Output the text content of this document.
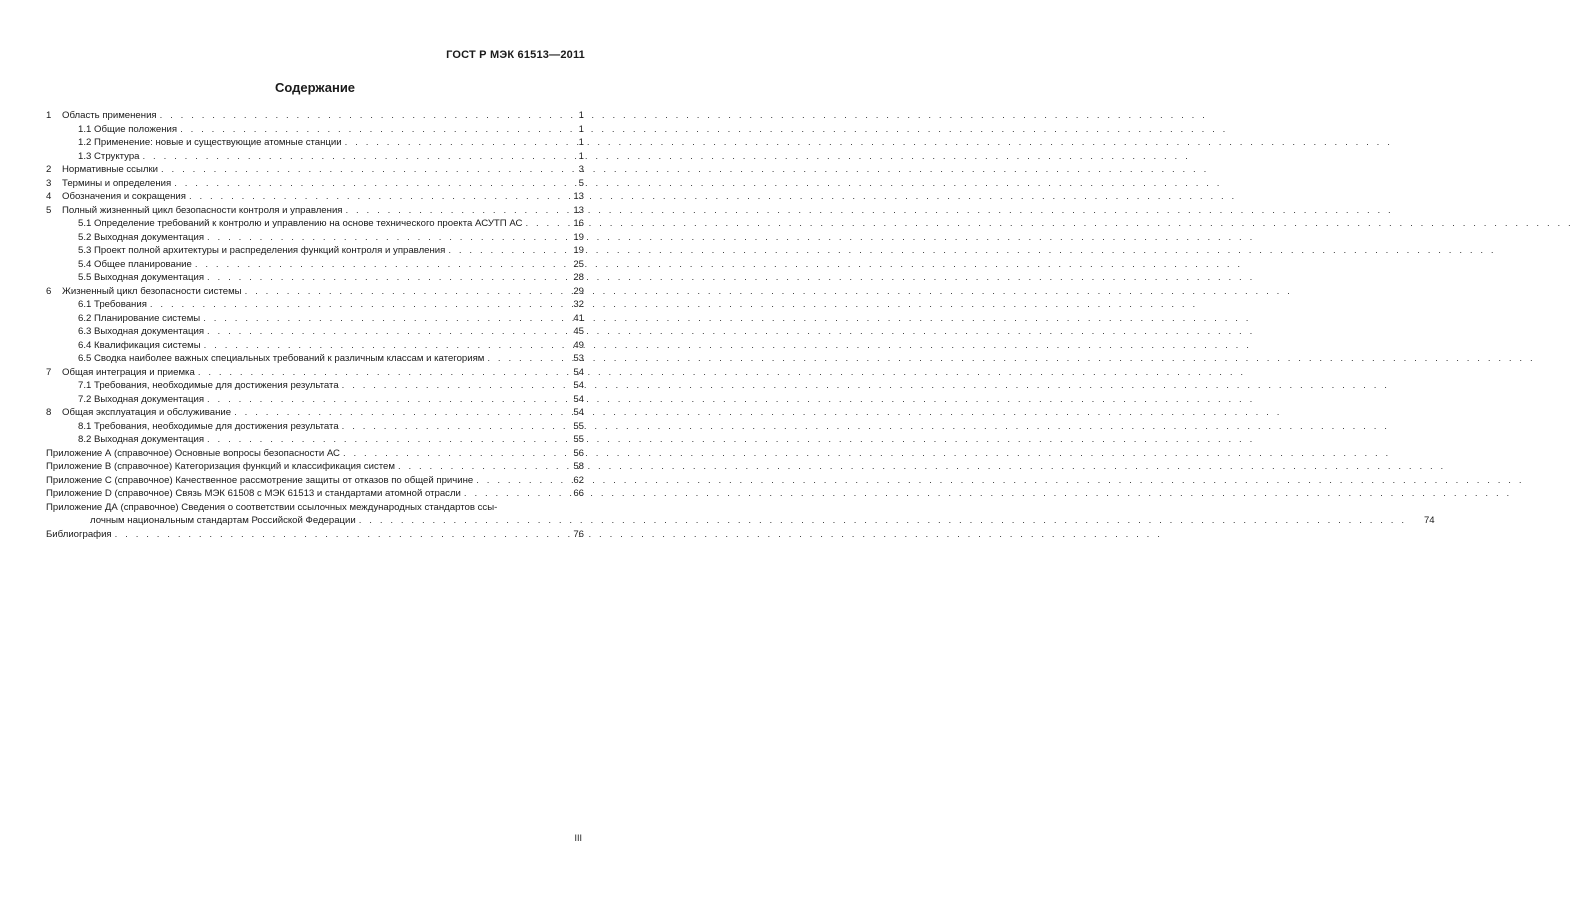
ГОСТ Р МЭК 61513—2011
Содержание
1	Область применения . . .	1
1.1 Общие положения . . .	1
1.2 Применение: новые и существующие атомные станции . . .	1
1.3 Структура . . .	1
2	Нормативные ссылки . . .	3
3	Термины и определения . . .	5
4	Обозначения и сокращения . . .	13
5	Полный жизненный цикл безопасности контроля и управления . . .	13
5.1 Определение требований к контролю и управлению на основе технического проекта АСУТП АС . . .	16
5.2 Выходная документация . . .	19
5.3 Проект полной архитектуры и распределения функций контроля и управления . . .	19
5.4 Общее планирование . . .	25
5.5 Выходная документация . . .	28
6	Жизненный цикл безопасности системы . . .	29
6.1 Требования . . .	32
6.2 Планирование системы . . .	41
6.3 Выходная документация . . .	45
6.4 Квалификация системы . . .	49
6.5 Сводка наиболее важных специальных требований к различным классам и категориям . . .	53
7	Общая интеграция и приемка . . .	54
7.1 Требования, необходимые для достижения результата . . .	54
7.2 Выходная документация . . .	54
8	Общая эксплуатация и обслуживание . . .	54
8.1 Требования, необходимые для достижения результата . . .	55
8.2 Выходная документация . . .	55
Приложение А (справочное) Основные вопросы безопасности АС . . .	56
Приложение В (справочное) Категоризация функций и классификация систем . . .	58
Приложение С (справочное) Качественное рассмотрение защиты от отказов по общей причине . . .	62
Приложение D (справочное) Связь МЭК 61508 с МЭК 61513 и стандартами атомной отрасли . . .	66
Приложение ДА (справочное) Сведения о соответствии ссылочных международных стандартов ссы-
лочным национальным стандартам Российской Федерации . . .	74
Библиография . . .	76
III
